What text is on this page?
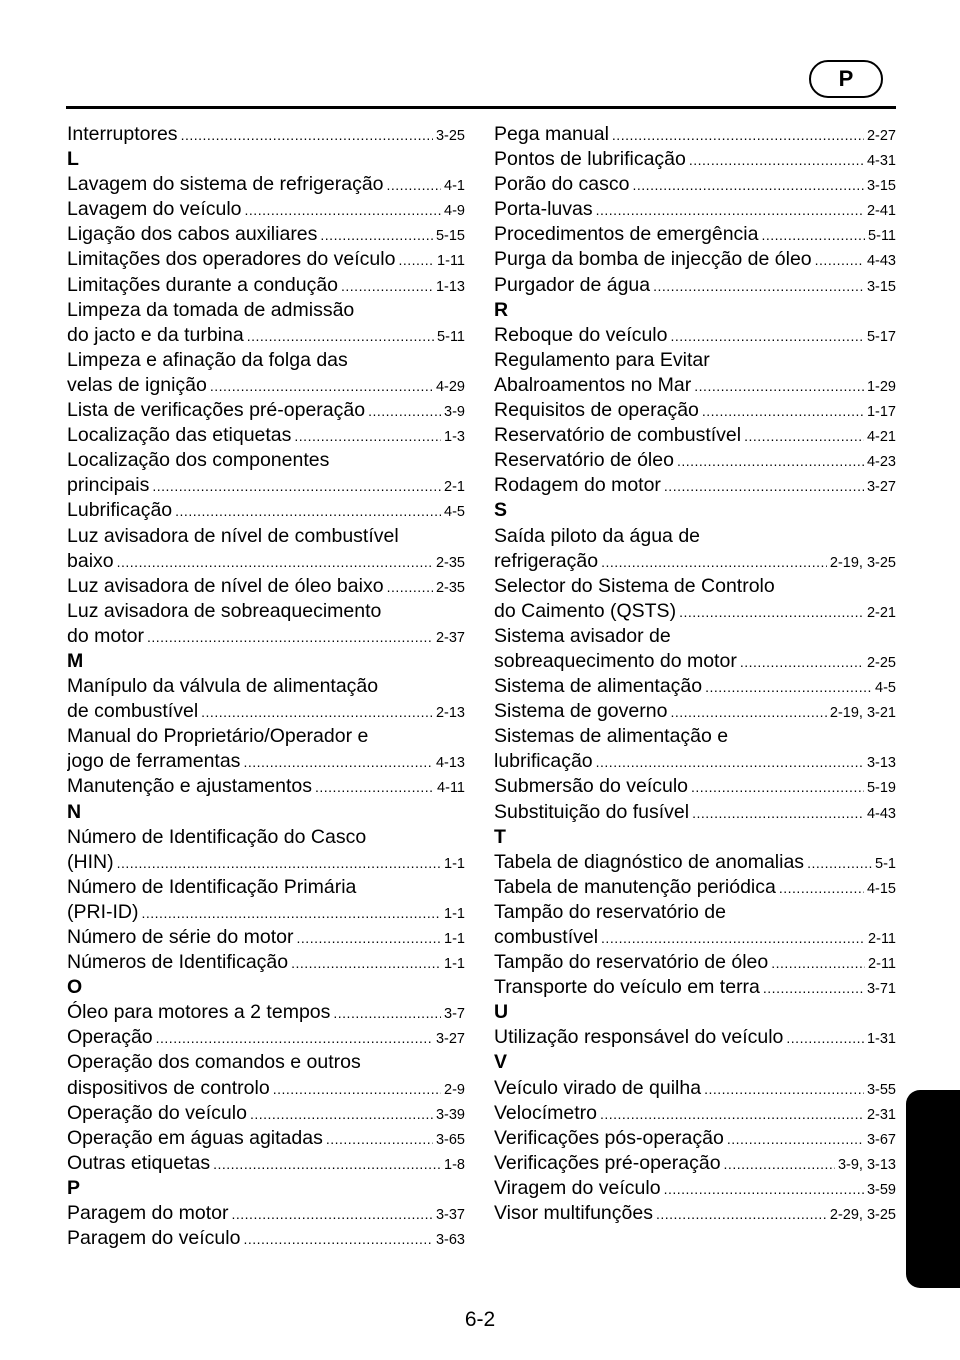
P
Interruptores .....	3-25
L
Lavagem do sistema de refrigeração .....	4-1
Lavagem do veículo .....	4-9
Ligação dos cabos auxiliares .....	5-15
Limitações dos operadores do veículo .....	1-11
Limitações durante a condução .....	1-13
Limpeza da tomada de admissão
do jacto e da turbina .....	5-11
Limpeza e afinação da folga das
velas de ignição .....	4-29
Lista de verificações pré-operação .....	3-9
Localização das etiquetas .....	1-3
Localização dos componentes
principais .....	2-1
Lubrificação .....	4-5
Luz avisadora de nível de combustível
baixo .....	2-35
Luz avisadora de nível de óleo baixo .....	2-35
Luz avisadora de sobreaquecimento
do motor .....	2-37
M
Manípulo da válvula de alimentação
de combustível .....	2-13
Manual do Proprietário/Operador e
jogo de ferramentas .....	4-13
Manutenção e ajustamentos .....	4-11
N
Número de Identificação do Casco
(HIN) .....	1-1
Número de Identificação Primária
(PRI-ID) .....	1-1
Número de série do motor .....	1-1
Números de Identificação .....	1-1
O
Óleo para motores a 2 tempos .....	3-7
Operação .....	3-27
Operação dos comandos e outros
dispositivos de controlo .....	2-9
Operação do veículo .....	3-39
Operação em águas agitadas .....	3-65
Outras etiquetas .....	1-8
P
Paragem do motor .....	3-37
Paragem do veículo .....	3-63
Pega manual .....	2-27
Pontos de lubrificação .....	4-31
Porão do casco .....	3-15
Porta-luvas .....	2-41
Procedimentos de emergência .....	5-11
Purga da bomba de injecção de óleo .....	4-43
Purgador de água .....	3-15
R
Reboque do veículo .....	5-17
Regulamento para Evitar
Abalroamentos no Mar .....	1-29
Requisitos de operação .....	1-17
Reservatório de combustível .....	4-21
Reservatório de óleo .....	4-23
Rodagem do motor .....	3-27
S
Saída piloto da água de
refrigeração .....	2-19, 3-25
Selector do Sistema de Controlo
do Caimento (QSTS) .....	2-21
Sistema avisador de
sobreaquecimento do motor .....	2-25
Sistema de alimentação .....	4-5
Sistema de governo .....	2-19, 3-21
Sistemas de alimentação e
lubrificação .....	3-13
Submersão do veículo .....	5-19
Substituição do fusível .....	4-43
T
Tabela de diagnóstico de anomalias .....	5-1
Tabela de manutenção periódica .....	4-15
Tampão do reservatório de
combustível .....	2-11
Tampão do reservatório de óleo .....	2-11
Transporte do veículo em terra .....	3-71
U
Utilização responsável do veículo .....	1-31
V
Veículo virado de quilha .....	3-55
Velocímetro .....	2-31
Verificações pós-operação .....	3-67
Verificações pré-operação .....	3-9, 3-13
Viragem do veículo .....	3-59
Visor multifunções .....	2-29, 3-25
6-2
